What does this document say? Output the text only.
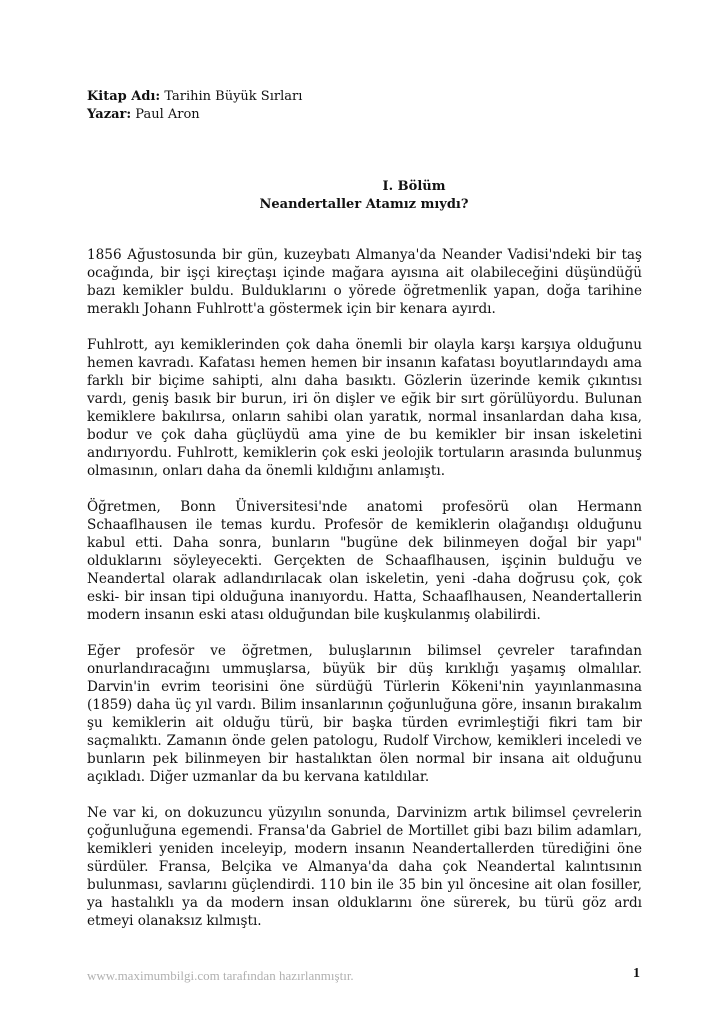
Kitap Adı: Tarihin Büyük Sırları
Yazar: Paul Aron
I. Bölüm
Neandertaller Atamız mıydı?

1856 Ağustosunda bir gün, kuzeybatı Almanya'da Neander Vadisi'ndeki bir taş ocağında, bir işçi kireçtaşı içinde mağara ayısına ait olabileceğini düşündüğü bazı kemikler buldu. Bulduklarını o yörede öğretmenlik yapan, doğa tarihine meraklı Johann Fuhlrott'a göstermek için bir kenara ayırdı.

Fuhlrott, ayı kemiklerinden çok daha önemli bir olayla karşı karşıya olduğunu hemen kavradı. Kafatası hemen hemen bir insanın kafatası boyutlarındaydı ama farklı bir biçime sahipti, alnı daha basıktı. Gözlerin üzerinde kemik çıkıntısı vardı, geniş basık bir burun, iri ön dişler ve eğik bir sırt görülüyordu. Bulunan kemiklere bakılırsa, onların sahibi olan yaratık, normal insanlardan daha kısa, bodur ve çok daha güçlüydü ama yine de bu kemikler bir insan iskeletini andırıyordu. Fuhlrott, kemiklerin çok eski jeolojik tortuların arasında bulunmuş olmasının, onları daha da önemli kıldığını anlamıştı.

Öğretmen, Bonn Üniversitesi'nde anatomi profesörü olan Hermann Schaaflhausen ile temas kurdu. Profesör de kemiklerin olağandışı olduğunu kabul etti. Daha sonra, bunların "bugüne dek bilinmeyen doğal bir yapı" olduklarını söyleyecekti. Gerçekten de Schaaflhausen, işçinin bulduğu ve Neandertal olarak adlandırılacak olan iskeletin, yeni -daha doğrusu çok, çok eski- bir insan tipi olduğuna inanıyordu. Hatta, Schaaflhausen, Neandertallerin modern insanın eski atası olduğundan bile kuşkulanmış olabilirdi.

Eğer profesör ve öğretmen, buluşlarının bilimsel çevreler tarafından onurlandıracağını ummuşlarsa, büyük bir düş kırıklığı yaşamış olmalılar. Darvin'in evrim teorisini öne sürdüğü Türlerin Kökeni'nin yayınlanmasına (1859) daha üç yıl vardı. Bilim insanlarının çoğunluğuna göre, insanın bırakalım şu kemiklerin ait olduğu türü, bir başka türden evrimleştiği fikri tam bir saçmalıktı. Zamanın önde gelen patologu, Rudolf Virchow, kemikleri inceledi ve bunların pek bilinmeyen bir hastalıktan ölen normal bir insana ait olduğunu açıkladı. Diğer uzmanlar da bu kervana katıldılar.

Ne var ki, on dokuzuncu yüzyılın sonunda, Darvinizm artık bilimsel çevrelerin çoğunluğuna egemendi. Fransa'da Gabriel de Mortillet gibi bazı bilim adamları, kemikleri yeniden inceleyip, modern insanın Neandertallerden türediğini öne sürdüler. Fransa, Belçika ve Almanya'da daha çok Neandertal kalıntısının bulunması, savlarını güçlendirdi. 110 bin ile 35 bin yıl öncesine ait olan fosiller, ya hastalıklı ya da modern insan olduklarını öne sürerek, bu türü göz ardı etmeyi olanaksız kılmıştı.

www.maximumbilgi.com tarafından hazırlanmıştır.	1
